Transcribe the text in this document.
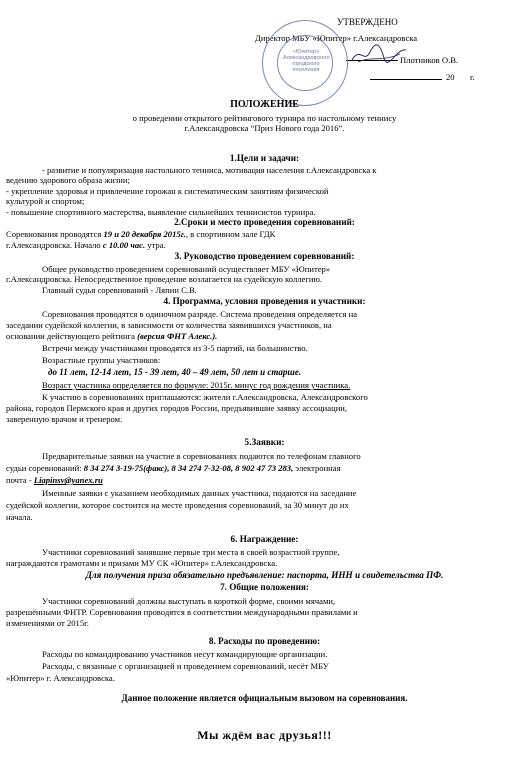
УТВЕРЖДЕНО
Директор МБУ «Юпитер» г.Александровска
Плотников О.В.
20 г.
«Юпитер»
Александровского
городского
поселения
ПОЛОЖЕНИЕ
о проведении открытого рейтингового турнира по настольному теннису
г.Александровска “Приз Нового года 2016”.
1.Цели и задачи:
- развитие и популяризация настольного тенниса, мотивация населения г.Александровска к
ведению здорового образа жизни;
- укрепление здоровья и привлечение горожан к систематическим занятиям физической
культурой и спортом;
- повышение спортивного мастерства, выявление сильнейших теннисистов турнира.
2.Сроки и место проведения соревнований:
Соревнования проводятся 19 и 20 декабря 2015г., в спортивном зале ГДК
г.Александровска. Начало с 10.00 час. утра.
3. Руководство проведением соревнований:
Общее руководство проведением соревнований осуществляет МБУ «Юпитер»
г.Александровска. Непосредственное проведение возлагается на судейскую коллегию.
Главный судья соревнований - Ляпин С.В.
4. Программа, условия проведения и участники:
Соревнования проводятся в одиночном разряде. Система проведения определяется на
заседании судейской коллегии, в зависимости от количества заявившихся участников, на
основании действующего рейтинга (версия ФНТ Алекс.).
Встречи между участниками проводятся из 3-5 партий, на большинство.
Возрастные группы участников:
до 11 лет, 12-14 лет, 15 - 39 лет, 40 – 49 лет, 50 лет и старше.
Возраст участника определяется по формуле: 2015г. минус год рождения участника.
К участию в соревнованиях приглашаются: жители г.Александровска, Александровского
района, городов Пермского края и других городов России, предъявившие заявку ассоциации,
заверенную врачом и тренером.
5.Заявки:
Предварительные заявки на участие в соревнованиях подаются по телефонам главного
судьи соревнований: 8 34 274 3-19-75(факс), 8 34 274 7-32-08, 8 902 47 73 283, электронная
почта - Liapinsv@yanex.ru
Именные заявки с указанием необходимых данных участника, подаются на заседание
судейской коллегии, которое состоится на месте проведения соревнований, за 30 минут до их
начала.
6. Награждение:
Участники соревнований занявшие первые три места в своей возрастной группе,
награждаются грамотами и призами МУ СК «Юпитер» г.Александровска.
Для получения приза обязательно предъявление: паспорта, ИНН и свидетельства ПФ.
7. Общие положения:
Участники соревнований должны выступать в короткой форме, своими мячами,
разрешёнными ФНТР. Соревнования проводятся в соответствии международными правилами и
изменениями от 2015г.
8. Расходы по проведению:
Расходы по командированию участников несут командирующие организации.
Расходы, с вязанные с организацией и проведением соревнований, несёт МБУ
«Юпитер» г. Александровска.
Данное положение является официальным вызовом на соревнования.
Мы ждём вас друзья!!!
